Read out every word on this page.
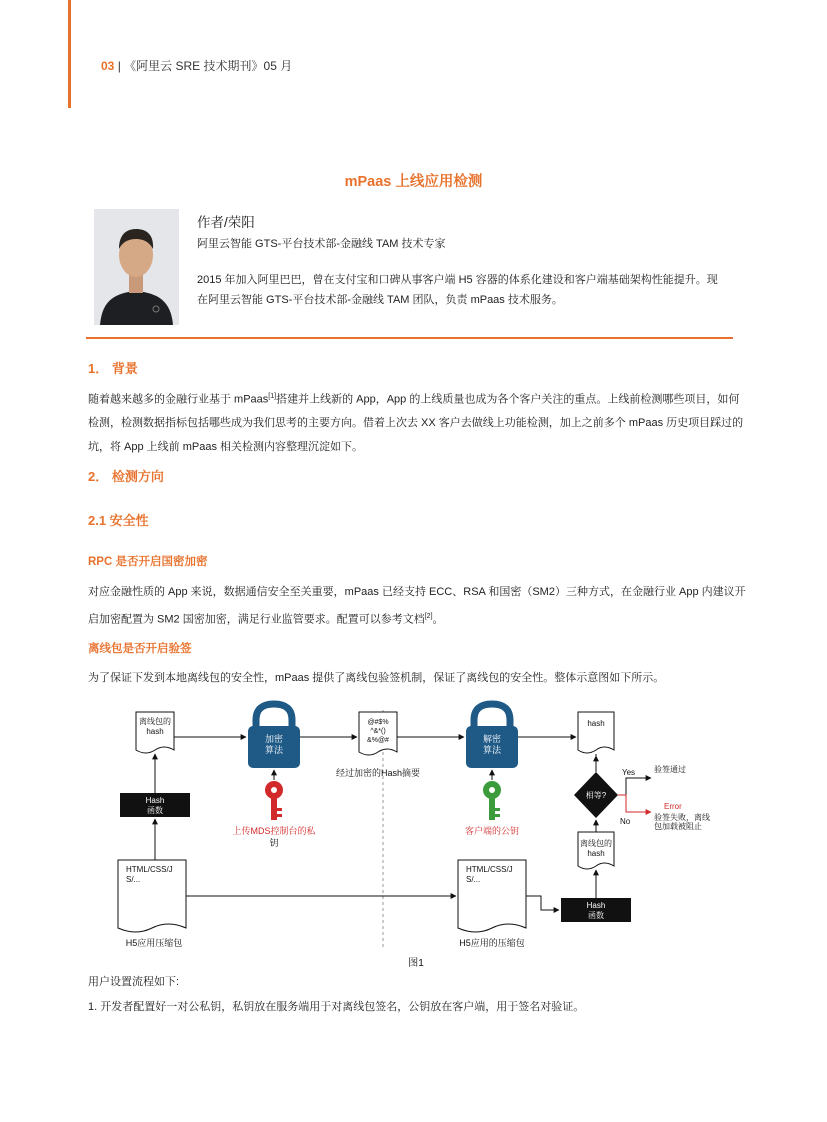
03 | 《阿里云 SRE 技术期刊》05 月
mPaas 上线应用检测
作者/荣阳
阿里云智能 GTS-平台技术部-金融线 TAM 技术专家
2015 年加入阿里巴巴，曾在支付宝和口碑从事客户端 H5 容器的体系化建设和客户端基础架构性能提升。现
在阿里云智能 GTS-平台技术部-金融线 TAM 团队，负责 mPaas 技术服务。
1． 背景
随着越来越多的金融行业基于 mPaas[1]搭建并上线新的 App，App 的上线质量也成为各个客户关注的重点。上线前检测哪些项目，如何检测，检测数据指标包括哪些成为我们思考的主要方向。借着上次去 XX 客户去做线上功能检测，加上之前多个 mPaas 历史项目踩过的坑，将 App 上线前 mPaas 相关检测内容整理沉淀如下。
2． 检测方向
2.1 安全性
RPC 是否开启国密加密
对应金融性质的 App 来说，数据通信安全至关重要，mPaas 已经支持 ECC、RSA 和国密（SM2）三种方式，在金融行业 App 内建议开启加密配置为 SM2 国密加密，满足行业监管要求。配置可以参考文档[2]。
离线包是否开启验签
为了保证下发到本地离线包的安全性，mPaas 提供了离线包验签机制，保证了离线包的安全性。整体示意图如下所示。
离线包的 hash
加密算法
@#$% ^&*() &%@#
经过加密的Hash摘要
解密算法
hash
Hash 函数
上传MDS控制台的私钥
客户端的公钥
相等?
Yes 验签通过
No
Error
验签失败，离线包加载被阻止
离线包的 hash
Hash 函数
HTML/CSS/J S/...
H5应用压缩包
HTML/CSS/J S/...
H5应用的压缩包
图1
用户设置流程如下:
1. 开发者配置好一对公私钥，私钥放在服务端用于对离线包签名，公钥放在客户端，用于签名对验证。
